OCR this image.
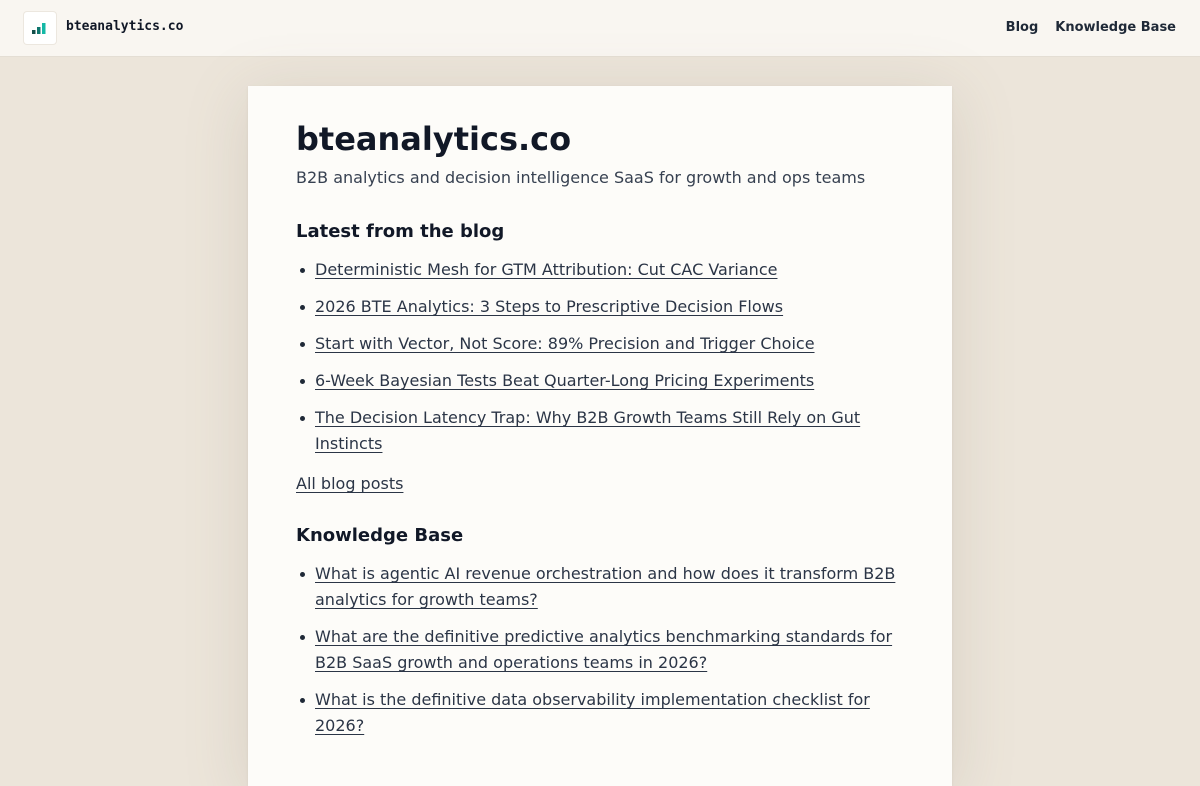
bteanalytics.co	Blog Knowledge Base
bteanalytics.co

B2B analytics and decision intelligence SaaS for growth and ops teams

Latest from the blog
Deterministic Mesh for GTM Attribution: Cut CAC Variance
2026 BTE Analytics: 3 Steps to Prescriptive Decision Flows
Start with Vector, Not Score: 89% Precision and Trigger Choice
6-Week Bayesian Tests Beat Quarter-Long Pricing Experiments
The Decision Latency Trap: Why B2B Growth Teams Still Rely on Gut Instincts
All blog posts
Knowledge Base
What is agentic AI revenue orchestration and how does it transform B2B analytics for growth teams?
What are the definitive predictive analytics benchmarking standards for B2B SaaS growth and operations teams in 2026?
What is the definitive data observability implementation checklist for 2026?
